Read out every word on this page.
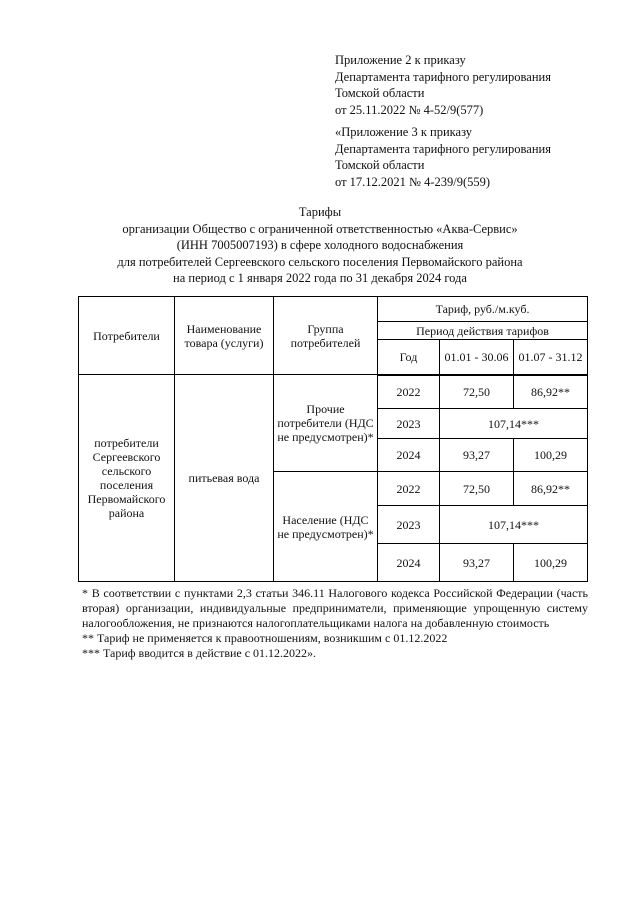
Приложение 2 к приказу
Департамента тарифного регулирования
Томской области
от 25.11.2022 № 4-52/9(577)
«Приложение 3 к приказу
Департамента тарифного регулирования
Томской области
от 17.12.2021 № 4-239/9(559)
Тарифы
организации Общество с ограниченной ответственностью «Аква-Сервис»
(ИНН 7005007193) в сфере холодного водоснабжения
для потребителей Сергеевского сельского поселения Первомайского района
на период с 1 января 2022 года по 31 декабря 2024 года
Потребители	Наименование товара (услуги)	Группа потребителей	Тариф, руб./м.куб.		
			Период действия тарифов		
			Год	01.01 - 30.06	01.07 - 31.12
потребители Сергеевского сельского поселения Первомайского района	питьевая вода	Прочие потребители (НДС не предусмотрен)*	2022	72,50	86,92**
			2023	107,14***	
			2024	93,27	100,29
		Население (НДС не предусмотрен)*	2022	72,50	86,92**
			2023	107,14***	
			2024	93,27	100,29

* В соответствии с пунктами 2,3 статьи 346.11 Налогового кодекса Российской Федерации (часть вторая) организации, индивидуальные предприниматели, применяющие упрощенную систему налогообложения, не признаются налогоплательщиками налога на добавленную стоимость

** Тариф не применяется к правоотношениям, возникшим с 01.12.2022

*** Тариф вводится в действие с 01.12.2022».
